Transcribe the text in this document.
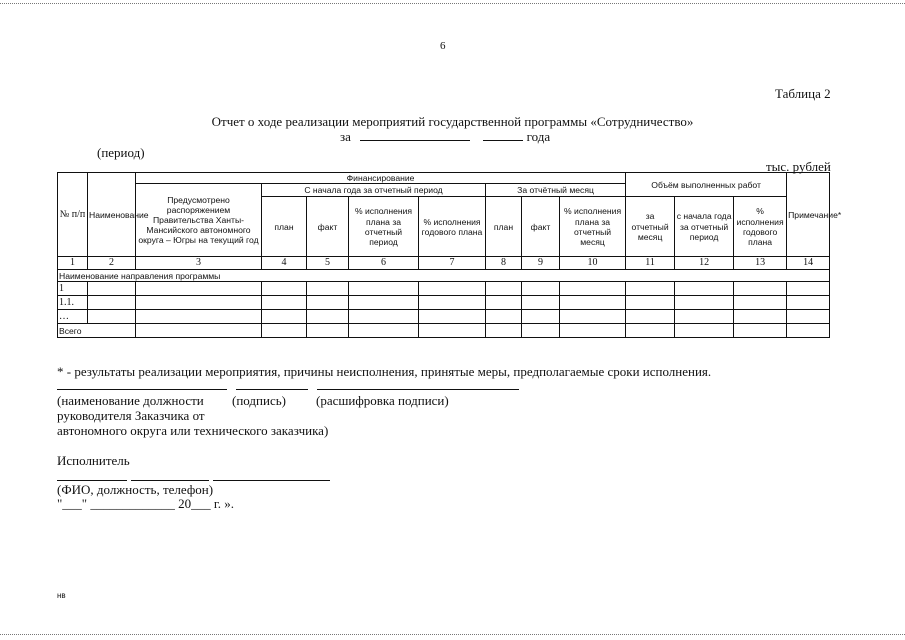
6
Таблица 2
Отчет о ходе реализации мероприятий государственной программы «Сотрудничество»
за	года
(период)
тыс. рублей
№ п/п	Наименование	Финансирование								Объём выполненных работ			Примечание*
		Предусмотрено распоряжением Правительства Ханты-Мансийского автономного округа – Югры на текущий год	С начала года за отчетный период				За отчётный месяц						
			план	факт	% исполнения плана за отчетный период	% исполнения годового плана	план	факт	% исполнения плана за отчетный месяц	за отчетный месяц	с начала года за отчетный период	% исполнения годового плана	
1	2	3	4	5	6	7	8	9	10	11	12	13	14
Наименование направления программы													
1													
1.1.													
…													
Всего													
* - результаты реализации мероприятия, причины неисполнения, принятые меры, предполагаемые сроки исполнения.
(наименование должности (подпись) (расшифровка подписи)
руководителя Заказчика от
автономного округа или технического заказчика)
Исполнитель
(ФИО, должность, телефон)
"___" _____________ 20___ г. ».
нв
